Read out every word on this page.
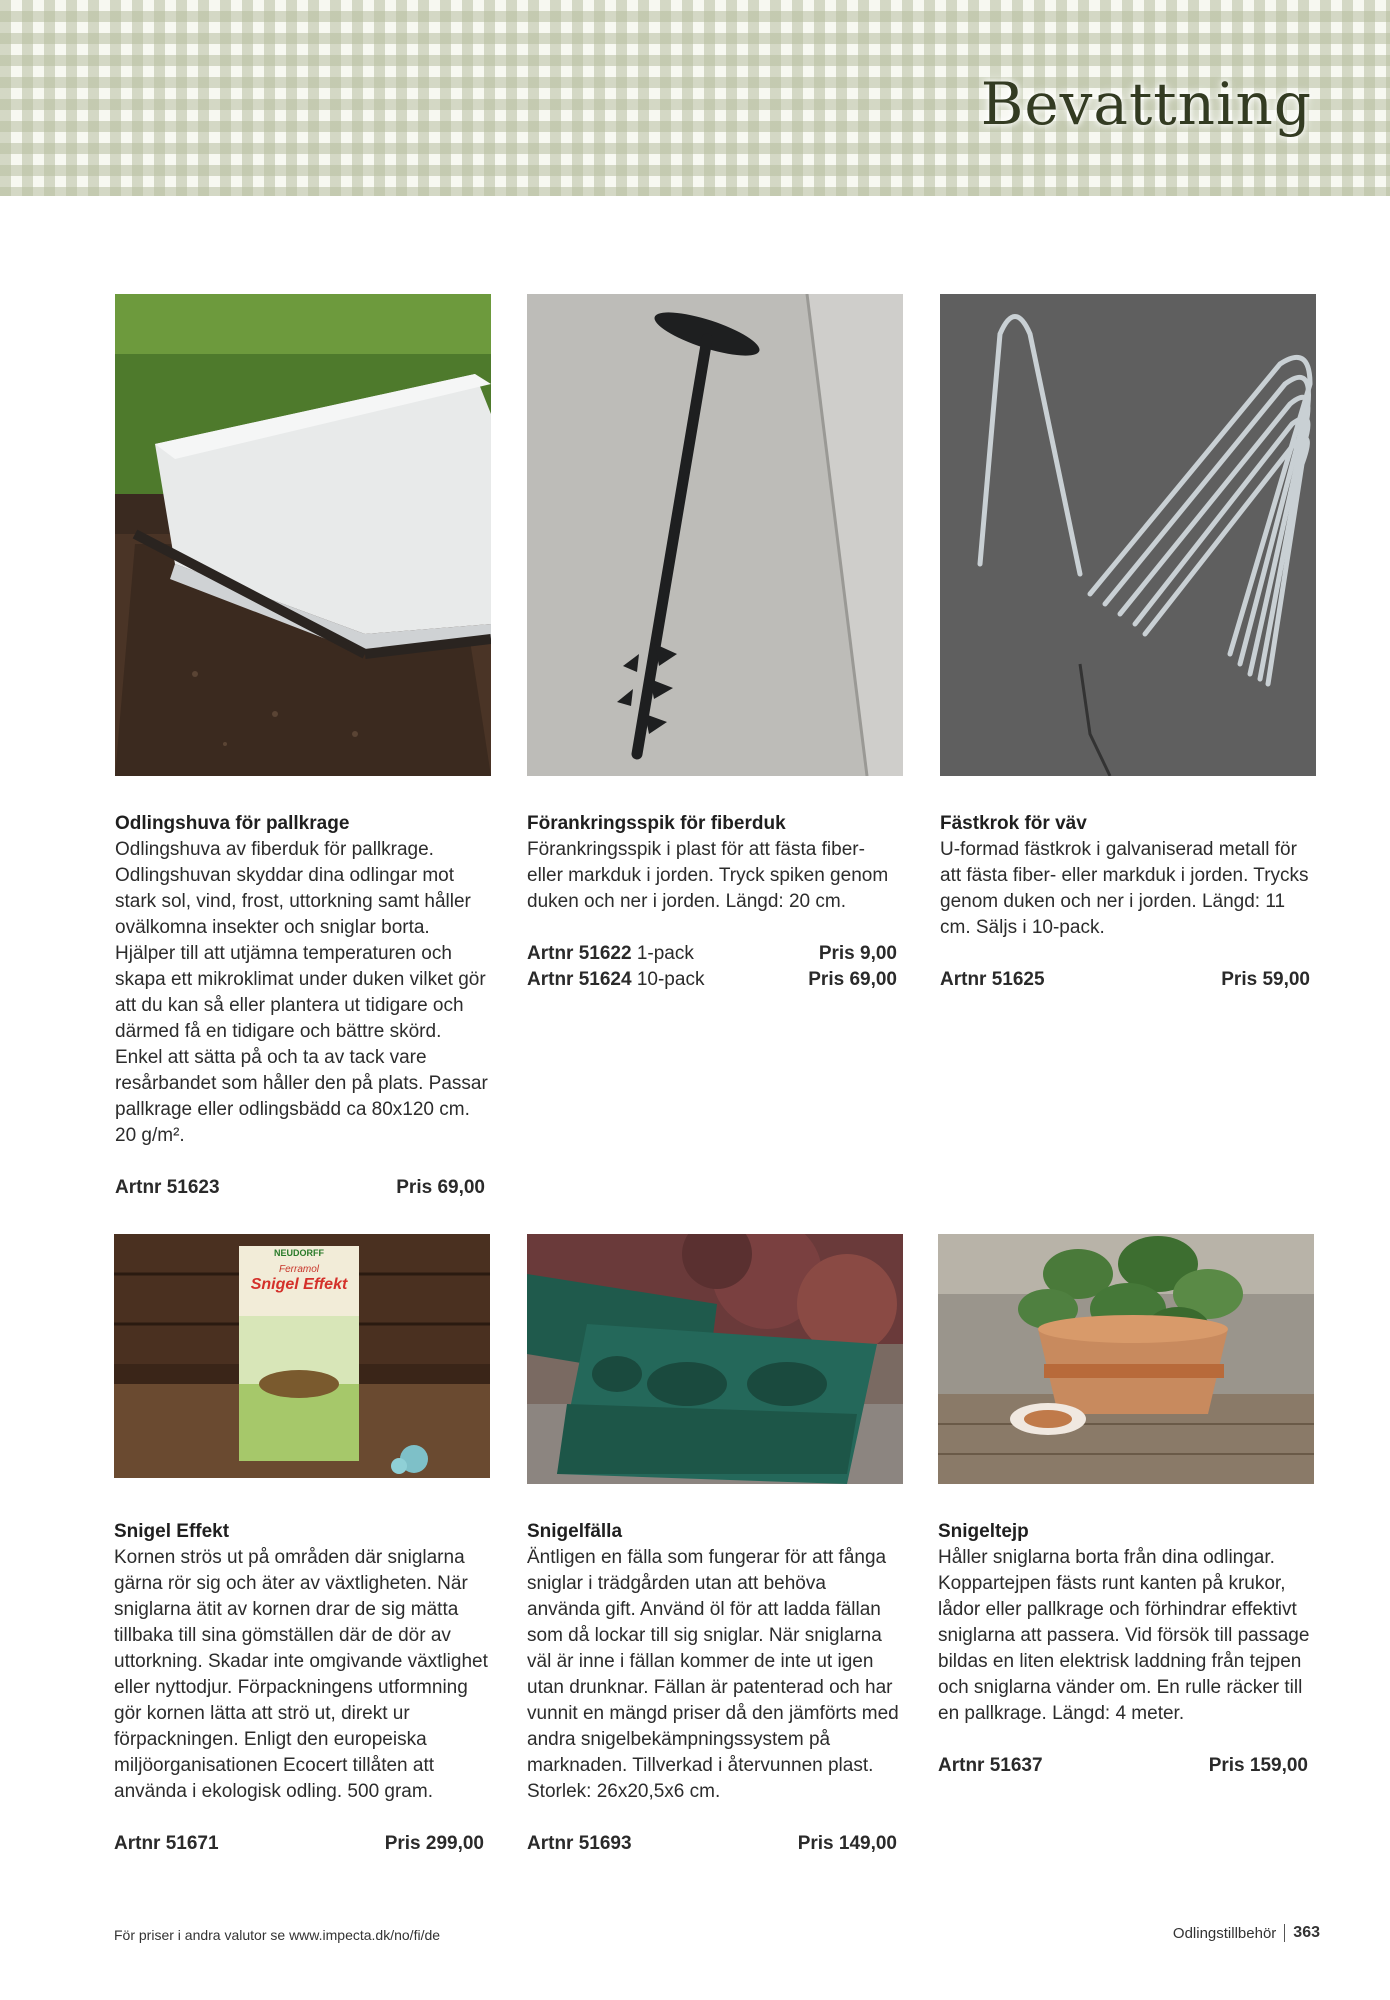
Bevattning

Odlingshuva för pallkrage

Odlingshuva av fiberduk för pallkrage. Odlingshuvan skyddar dina odlingar mot stark sol, vind, frost, uttorkning samt håller ovälkomna insekter och sniglar borta. Hjälper till att utjämna temperaturen och skapa ett mikroklimat under duken vilket gör att du kan så eller plantera ut tidigare och därmed få en tidigare och bättre skörd. Enkel att sätta på och ta av tack vare resårbandet som håller den på plats. Passar pallkrage eller odlingsbädd ca 80x120 cm. 20 g/m².

Artnr 51623	Pris 69,00

Förankringsspik för fiberduk

Förankringsspik i plast för att fästa fiber- eller markduk i jorden. Tryck spiken genom duken och ner i jorden. Längd: 20 cm.

Artnr 51622 1-pack	Pris 9,00
Artnr 51624 10-pack	Pris 69,00

Fästkrok för väv

U-formad fästkrok i galvaniserad metall för att fästa fiber- eller markduk i jorden. Trycks genom duken och ner i jorden. Längd: 11 cm. Säljs i 10-pack.

Artnr 51625	Pris 59,00
NEUDORFF
Ferramol
Snigel Effekt

Snigel Effekt

Kornen strös ut på områden där sniglarna gärna rör sig och äter av växtligheten. När sniglarna ätit av kornen drar de sig mätta tillbaka till sina gömställen där de dör av uttorkning. Skadar inte omgivande växtlighet eller nyttodjur. Förpackningens utformning gör kornen lätta att strö ut, direkt ur förpackningen. Enligt den europeiska miljöorganisationen Ecocert tillåten att använda i ekologisk odling. 500 gram.

Artnr 51671	Pris 299,00

Snigelfälla

Äntligen en fälla som fungerar för att fånga sniglar i trädgården utan att behöva använda gift. Använd öl för att ladda fällan som då lockar till sig sniglar. När sniglarna väl är inne i fällan kommer de inte ut igen utan drunknar. Fällan är patenterad och har vunnit en mängd priser då den jämförts med andra snigelbekämpningssystem på marknaden. Tillverkad i återvunnen plast. Storlek: 26x20,5x6 cm.

Artnr 51693	Pris 149,00

Snigeltejp

Håller sniglarna borta från dina odlingar. Koppartejpen fästs runt kanten på krukor, lådor eller pallkrage och förhindrar effektivt sniglarna att passera. Vid försök till passage bildas en liten elektrisk laddning från tejpen och sniglarna vänder om. En rulle räcker till en pallkrage. Längd: 4 meter.

Artnr 51637	Pris 159,00
För priser i andra valutor se www.impecta.dk/no/fi/de	Odlingstillbehör 363
